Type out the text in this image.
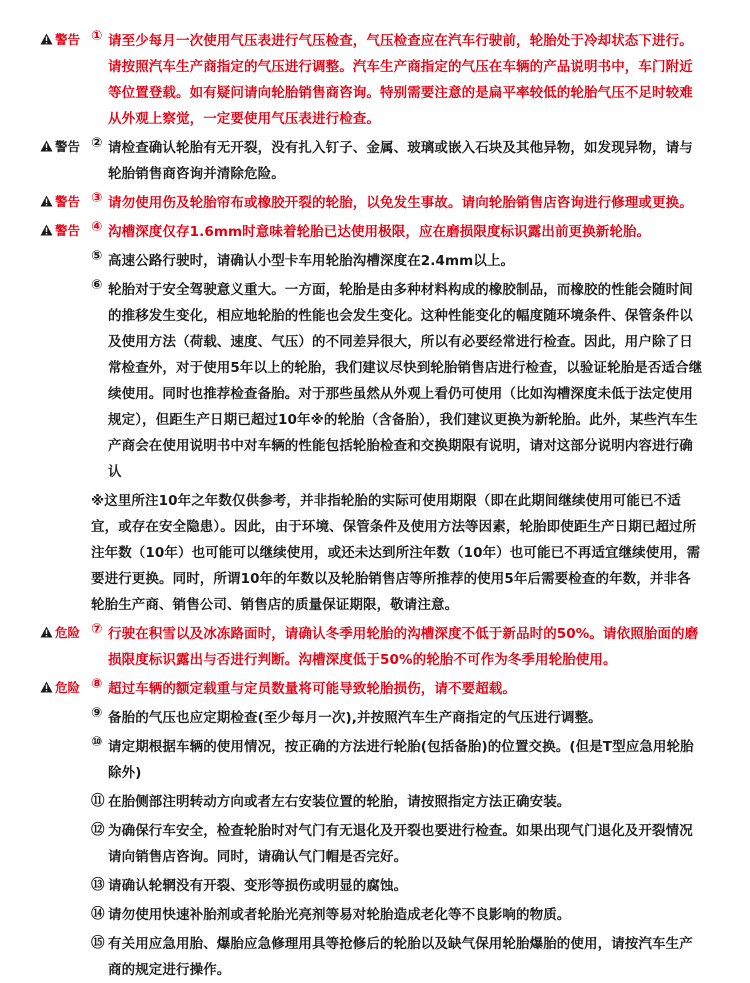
警告 ① 请至少每月一次使用气压表进行气压检查，气压检查应在汽车行驶前，轮胎处于冷却状态下进行。请按照汽车生产商指定的气压进行调整。汽车生产商指定的气压在车辆的产品说明书中，车门附近等位置登载。如有疑问请向轮胎销售商咨询。特别需要注意的是扁平率较低的轮胎气压不足时较难从外观上察觉，一定要使用气压表进行检查。
警告 ② 请检查确认轮胎有无开裂，没有扎入钉子、金属、玻璃或嵌入石块及其他异物，如发现异物，请与轮胎销售商咨询并清除危险。
警告 ③ 请勿使用伤及轮胎帘布或橡胶开裂的轮胎，以免发生事故。请向轮胎销售店咨询进行修理或更换。
警告 ④ 沟槽深度仅存1.6mm时意味着轮胎已达使用极限，应在磨损限度标识露出前更换新轮胎。
⑤ 高速公路行驶时，请确认小型卡车用轮胎沟槽深度在2.4mm以上。
⑥ 轮胎对于安全驾驶意义重大。一方面，轮胎是由多种材料构成的橡胶制品，而橡胶的性能会随时间的推移发生变化，相应地轮胎的性能也会发生变化。这种性能变化的幅度随环境条件、保管条件以及使用方法（荷载、速度、气压）的不同差异很大，所以有必要经常进行检查。因此，用户除了日常检查外，对于使用5年以上的轮胎，我们建议尽快到轮胎销售店进行检查，以验证轮胎是否适合继续使用。同时也推荐检查备胎。对于那些虽然从外观上看仍可使用（比如沟槽深度未低于法定使用规定），但距生产日期已超过10年※的轮胎（含备胎），我们建议更换为新轮胎。此外，某些汽车生产商会在使用说明书中对车辆的性能包括轮胎检查和交换期限有说明，请对这部分说明内容进行确认
※这里所注10年之年数仅供参考，并非指轮胎的实际可使用期限（即在此期间继续使用可能已不适宜，或存在安全隐患）。因此，由于环境、保管条件及使用方法等因素，轮胎即使距生产日期已超过所注年数（10年）也可能可以继续使用，或还未达到所注年数（10年）也可能已不再适宜继续使用，需要进行更换。同时，所谓10年的年数以及轮胎销售店等所推荐的使用5年后需要检查的年数，并非各轮胎生产商、销售公司、销售店的质量保证期限，敬请注意。
危险 ⑦ 行驶在积雪以及冰冻路面时，请确认冬季用轮胎的沟槽深度不低于新品时的50%。请依照胎面的磨损限度标识露出与否进行判断。沟槽深度低于50%的轮胎不可作为冬季用轮胎使用。
危险 ⑧ 超过车辆的额定载重与定员数量将可能导致轮胎损伤，请不要超载。
⑨ 备胎的气压也应定期检查(至少每月一次),并按照汽车生产商指定的气压进行调整。
⑩ 请定期根据车辆的使用情况，按正确的方法进行轮胎(包括备胎)的位置交换。(但是T型应急用轮胎除外)
⑪ 在胎侧部注明转动方向或者左右安装位置的轮胎，请按照指定方法正确安装。
⑫ 为确保行车安全，检查轮胎时对气门有无退化及开裂也要进行检查。如果出现气门退化及开裂情况请向销售店咨询。同时，请确认气门帽是否完好。
⑬ 请确认轮辋没有开裂、变形等损伤或明显的腐蚀。
⑭ 请勿使用快速补胎剂或者轮胎光亮剂等易对轮胎造成老化等不良影响的物质。
⑮ 有关用应急用胎、爆胎应急修理用具等抢修后的轮胎以及缺气保用轮胎爆胎的使用，请按汽车生产商的规定进行操作。
